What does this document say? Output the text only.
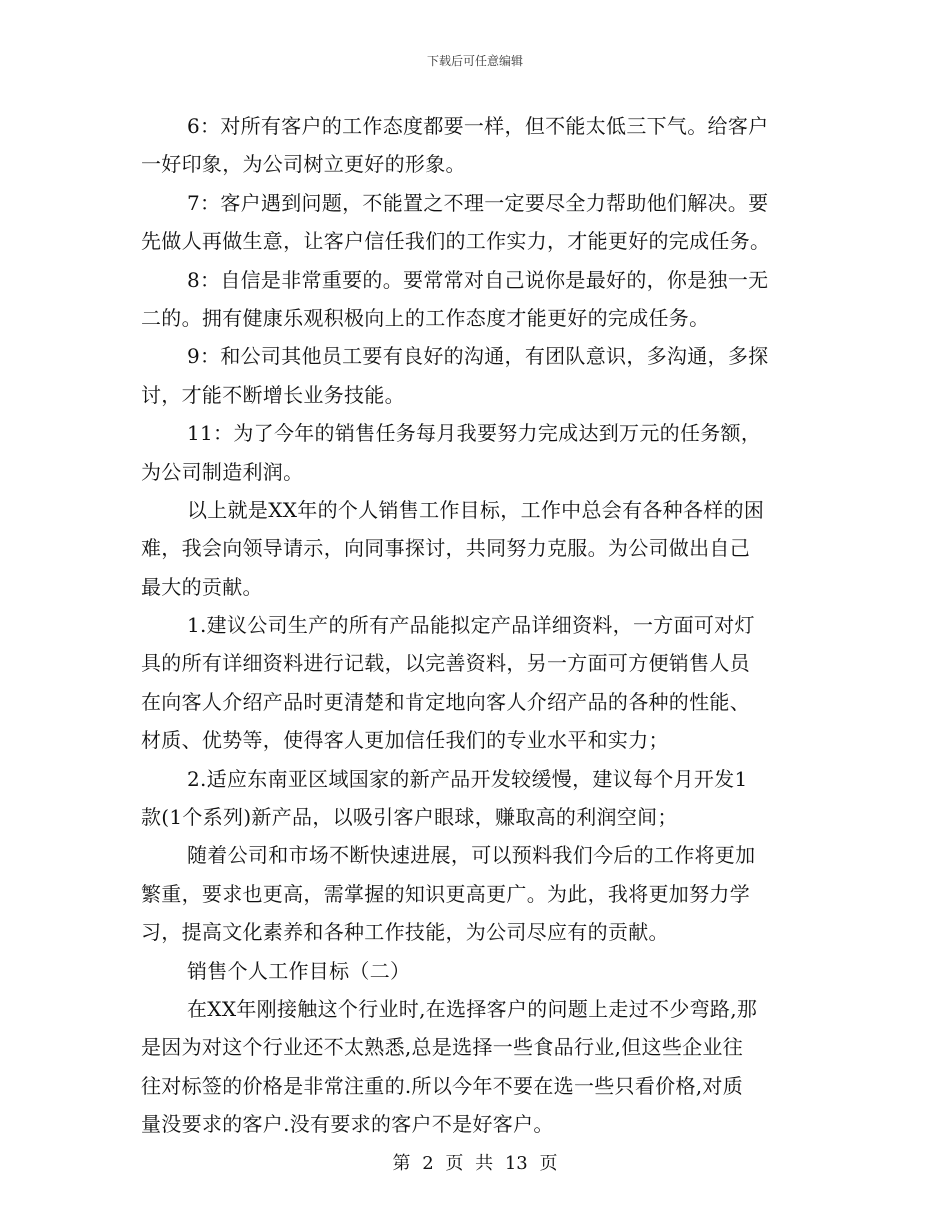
下载后可任意编辑
6：对所有客户的工作态度都要一样，但不能太低三下气。给客户
一好印象，为公司树立更好的形象。
7：客户遇到问题，不能置之不理一定要尽全力帮助他们解决。要
先做人再做生意，让客户信任我们的工作实力，才能更好的完成任务。
8：自信是非常重要的。要常常对自己说你是最好的，你是独一无
二的。拥有健康乐观积极向上的工作态度才能更好的完成任务。
9：和公司其他员工要有良好的沟通，有团队意识，多沟通，多探
讨，才能不断增长业务技能。
11：为了今年的销售任务每月我要努力完成达到万元的任务额，
为公司制造利润。
以上就是XX年的个人销售工作目标，工作中总会有各种各样的困
难，我会向领导请示，向同事探讨，共同努力克服。为公司做出自己
最大的贡献。
1.建议公司生产的所有产品能拟定产品详细资料，一方面可对灯
具的所有详细资料进行记载，以完善资料，另一方面可方便销售人员
在向客人介绍产品时更清楚和肯定地向客人介绍产品的各种的性能、
材质、优势等，使得客人更加信任我们的专业水平和实力；
2.适应东南亚区域国家的新产品开发较缓慢，建议每个月开发1
款(1个系列)新产品，以吸引客户眼球，赚取高的利润空间；
随着公司和市场不断快速进展，可以预料我们今后的工作将更加
繁重，要求也更高，需掌握的知识更高更广。为此，我将更加努力学
习，提高文化素养和各种工作技能，为公司尽应有的贡献。
销售个人工作目标（二）
在XX年刚接触这个行业时,在选择客户的问题上走过不少弯路,那
是因为对这个行业还不太熟悉,总是选择一些食品行业,但这些企业往
往对标签的价格是非常注重的.所以今年不要在选一些只看价格,对质
量没要求的客户.没有要求的客户不是好客户。
第 2 页 共 13 页
